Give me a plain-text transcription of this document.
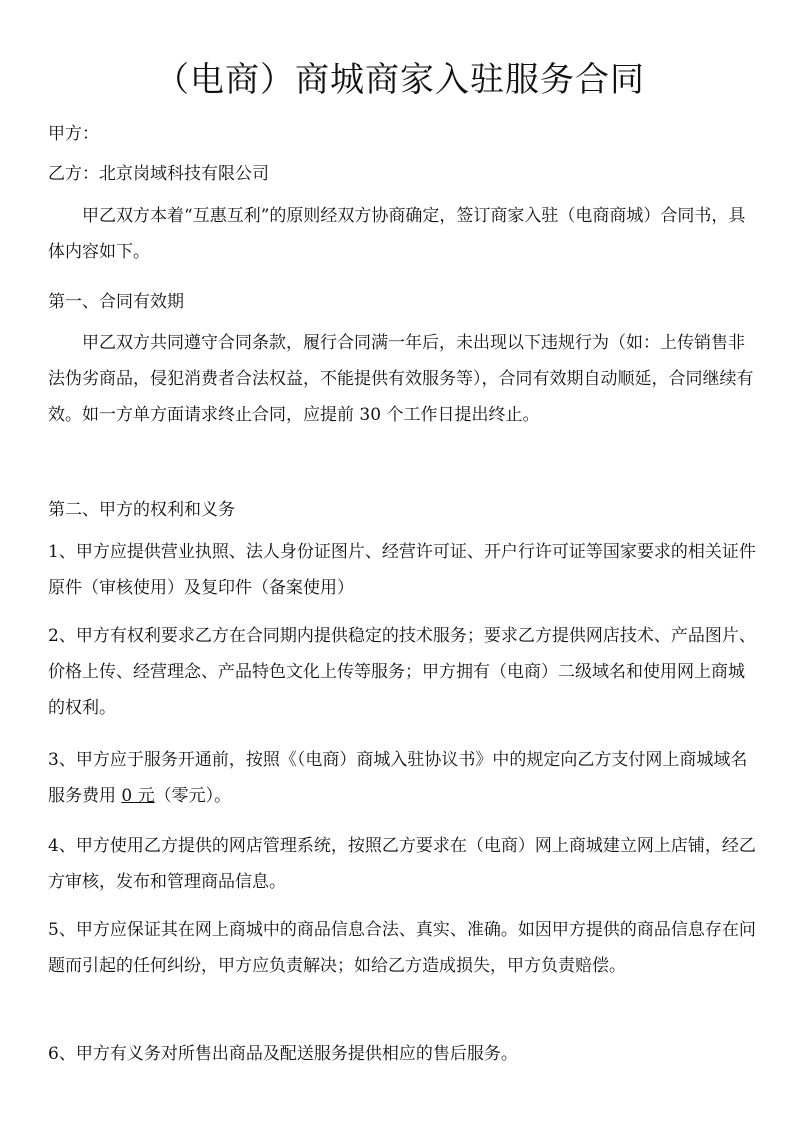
（电商）商城商家入驻服务合同

甲方：

乙方：北京岗域科技有限公司

甲乙双方本着“互惠互利”的原则经双方协商确定，签订商家入驻（电商商城）合同书，具体内容如下。

第一、合同有效期

甲乙双方共同遵守合同条款，履行合同满一年后，未出现以下违规行为（如：上传销售非法伪劣商品，侵犯消费者合法权益，不能提供有效服务等），合同有效期自动顺延，合同继续有效。如一方单方面请求终止合同，应提前 30 个工作日提出终止。

第二、甲方的权利和义务

1、甲方应提供营业执照、法人身份证图片、经营许可证、开户行许可证等国家要求的相关证件原件（审核使用）及复印件（备案使用）

2、甲方有权利要求乙方在合同期内提供稳定的技术服务；要求乙方提供网店技术、产品图片、价格上传、经营理念、产品特色文化上传等服务；甲方拥有（电商）二级域名和使用网上商城的权利。

3、甲方应于服务开通前，按照《（电商）商城入驻协议书》中的规定向乙方支付网上商城域名服务费用 0 元（零元）。

4、甲方使用乙方提供的网店管理系统，按照乙方要求在（电商）网上商城建立网上店铺，经乙方审核，发布和管理商品信息。

5、甲方应保证其在网上商城中的商品信息合法、真实、准确。如因甲方提供的商品信息存在问题而引起的任何纠纷，甲方应负责解决；如给乙方造成损失，甲方负责赔偿。

6、甲方有义务对所售出商品及配送服务提供相应的售后服务。
